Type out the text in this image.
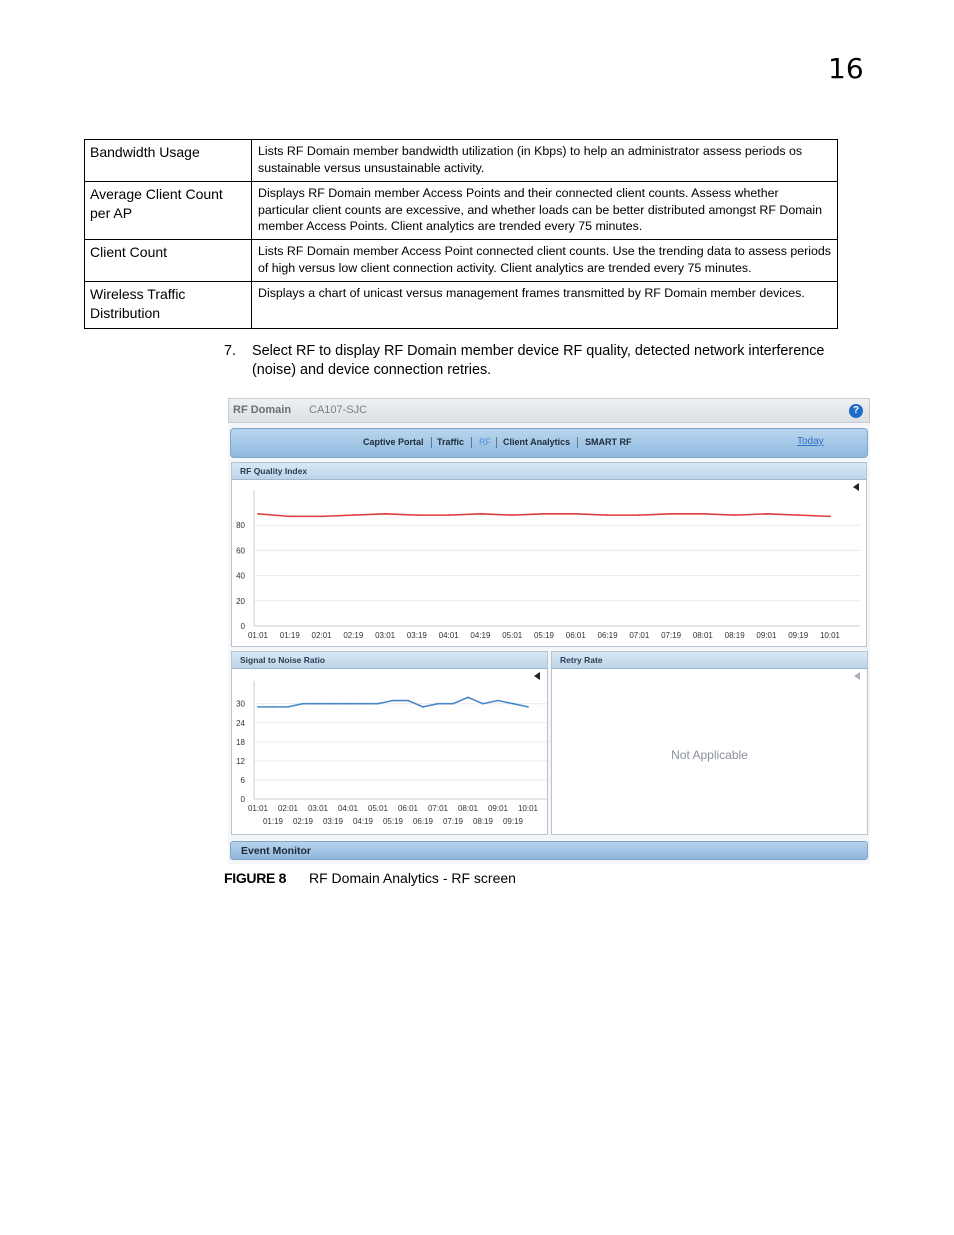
16
Bandwidth Usage	Lists RF Domain member bandwidth utilization (in Kbps) to help an administrator assess periods os sustainable versus unsustainable activity.
Average Client Count per AP	Displays RF Domain member Access Points and their connected client counts. Assess whether particular client counts are excessive, and whether loads can be better distributed amongst RF Domain member Access Points. Client analytics are trended every 75 minutes.
Client Count	Lists RF Domain member Access Point connected client counts. Use the trending data to assess periods of high versus low client connection activity. Client analytics are trended every 75 minutes.
Wireless Traffic Distribution	Displays a chart of unicast versus management frames transmitted by RF Domain member devices.
7. Select RF to display RF Domain member device RF quality, detected network interference (noise) and device connection retries.
RF Domain CA107-SJC	?
Captive Portal Traffic RF Client Analytics SMART RF	Today
RF Quality Index
0
20
40
60
80
01:01 01:19 02:01 02:19 03:01 03:19 04:01 04:19 05:01 05:19 06:01 06:19 07:01 07:19 08:01 08:19 09:01 09:19 10:01
Signal to Noise Ratio
0
6
12
18
24
30
01:01
01:19
02:01
02:19
03:01
03:19
04:01
04:19
05:01
05:19
06:01
06:19
07:01
07:19
08:01
08:19
09:01
09:19
10:01
Retry Rate
Not Applicable
Event Monitor
FIGURE 8 RF Domain Analytics - RF screen
